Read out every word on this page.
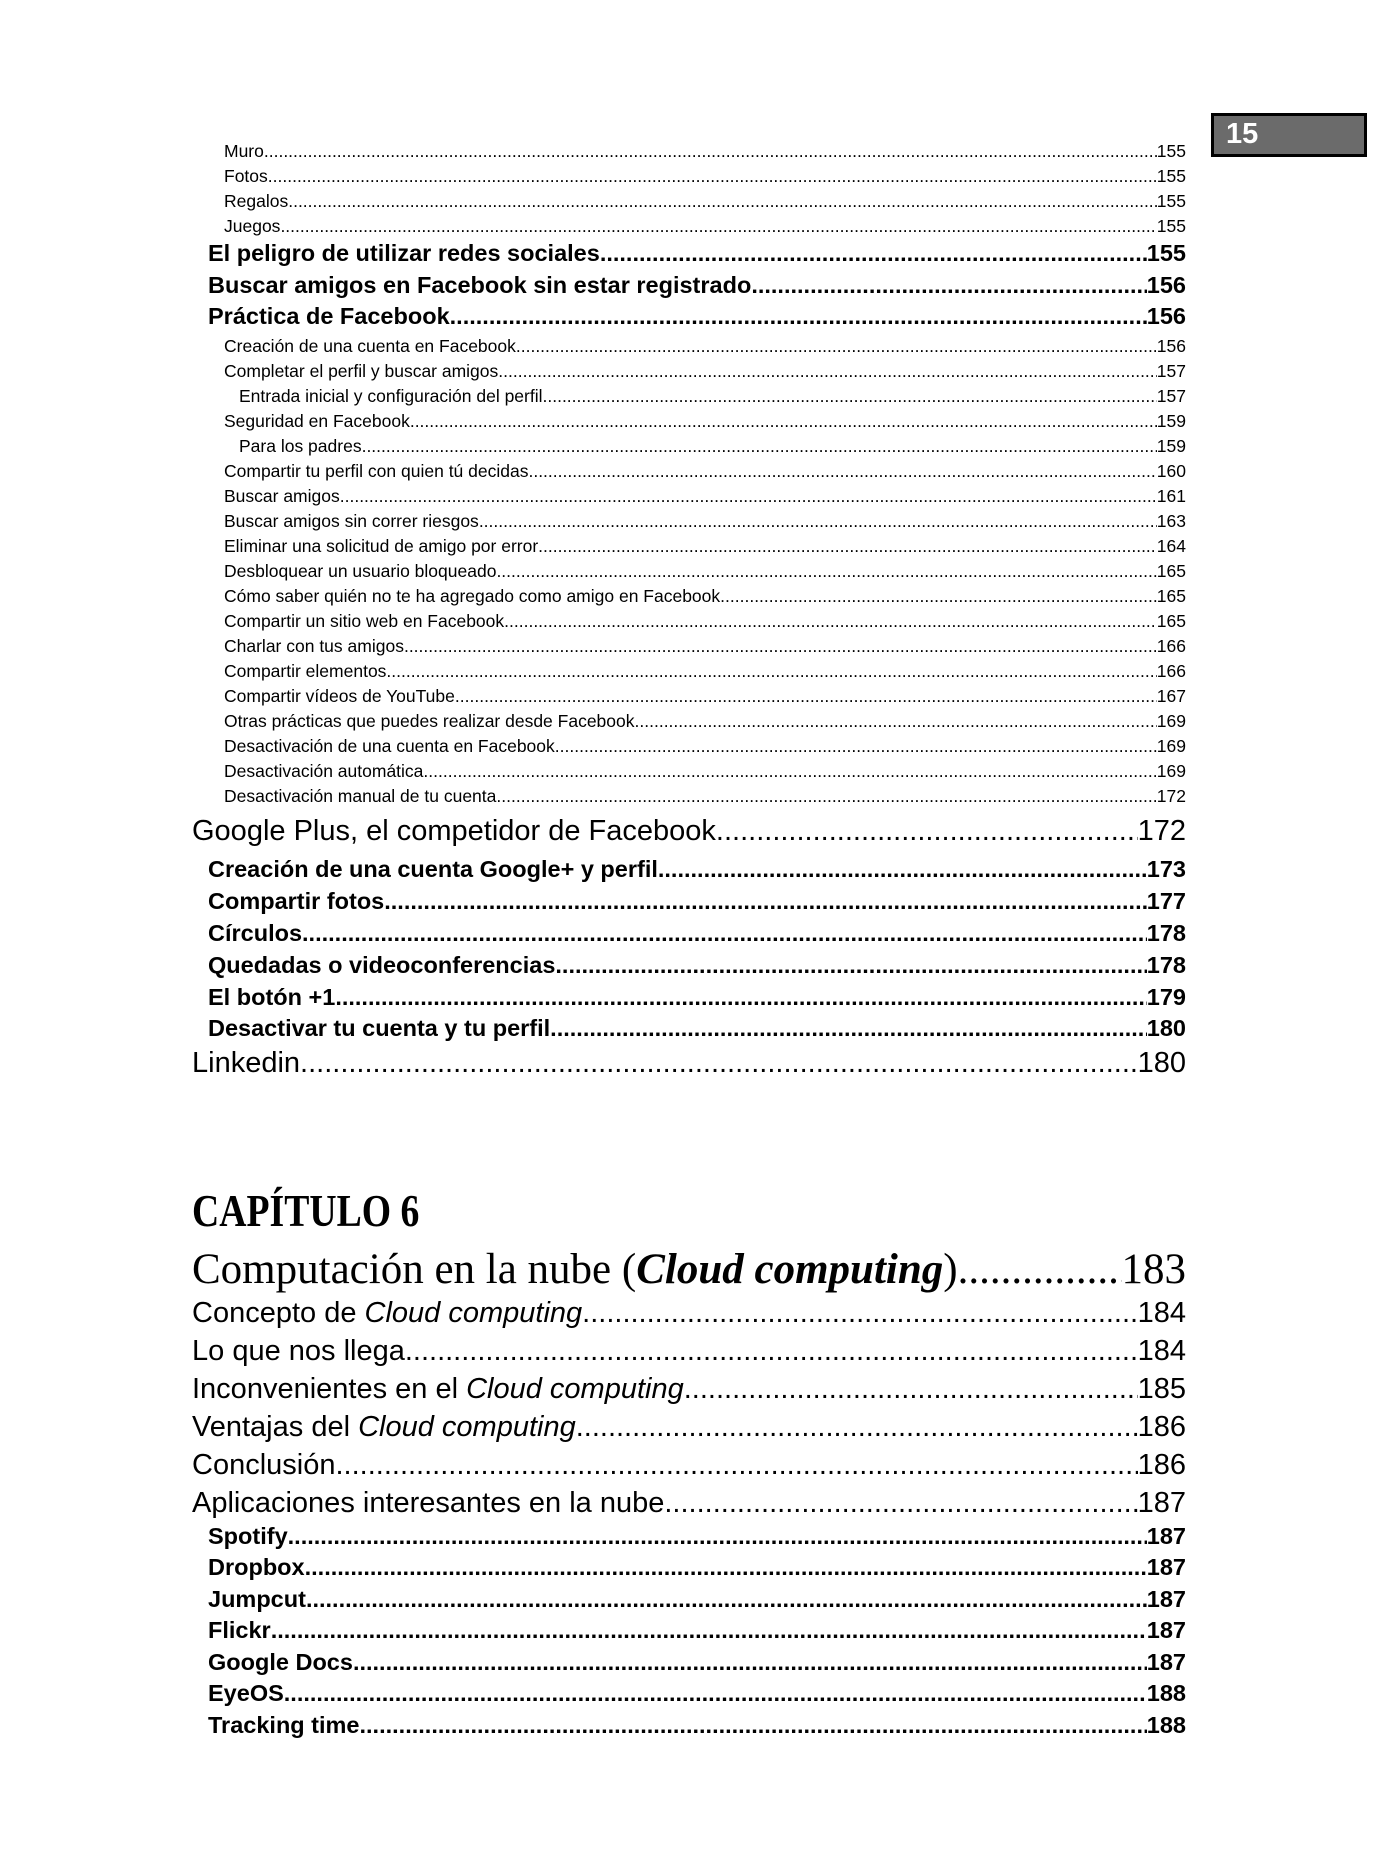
15
Muro .....	155
Fotos .....	155
Regalos .....	155
Juegos .....	155
El peligro de utilizar redes sociales .....	155
Buscar amigos en Facebook sin estar registrado .....	156
Práctica de Facebook .....	156
Creación de una cuenta en Facebook .....	156
Completar el perfil y buscar amigos .....	157
Entrada inicial y configuración del perfil .....	157
Seguridad en Facebook .....	159
Para los padres .....	159
Compartir tu perfil con quien tú decidas .....	160
Buscar amigos .....	161
Buscar amigos sin correr riesgos .....	163
Eliminar una solicitud de amigo por error .....	164
Desbloquear un usuario bloqueado .....	165
Cómo saber quién no te ha agregado como amigo en Facebook .....	165
Compartir un sitio web en Facebook .....	165
Charlar con tus amigos .....	166
Compartir elementos .....	166
Compartir vídeos de YouTube .....	167
Otras prácticas que puedes realizar desde Facebook .....	169
Desactivación de una cuenta en Facebook .....	169
Desactivación automática .....	169
Desactivación manual de tu cuenta .....	172
Google Plus, el competidor de Facebook .....	172
Creación de una cuenta Google+ y perfil .....	173
Compartir fotos .....	177
Círculos .....	178
Quedadas o videoconferencias .....	178
El botón +1 .....	179
Desactivar tu cuenta y tu perfil .....	180
Linkedin .....	180
Concepto de Cloud computing .....	184
Lo que nos llega .....	184
Inconvenientes en el Cloud computing .....	185
Ventajas del Cloud computing .....	186
Conclusión .....	186
Aplicaciones interesantes en la nube .....	187
Spotify .....	187
Dropbox .....	187
Jumpcut .....	187
Flickr .....	187
Google Docs .....	187
EyeOS .....	188
Tracking time .....	188
CAPÍTULO 6
Computación en la nube (Cloud computing) .....	183
